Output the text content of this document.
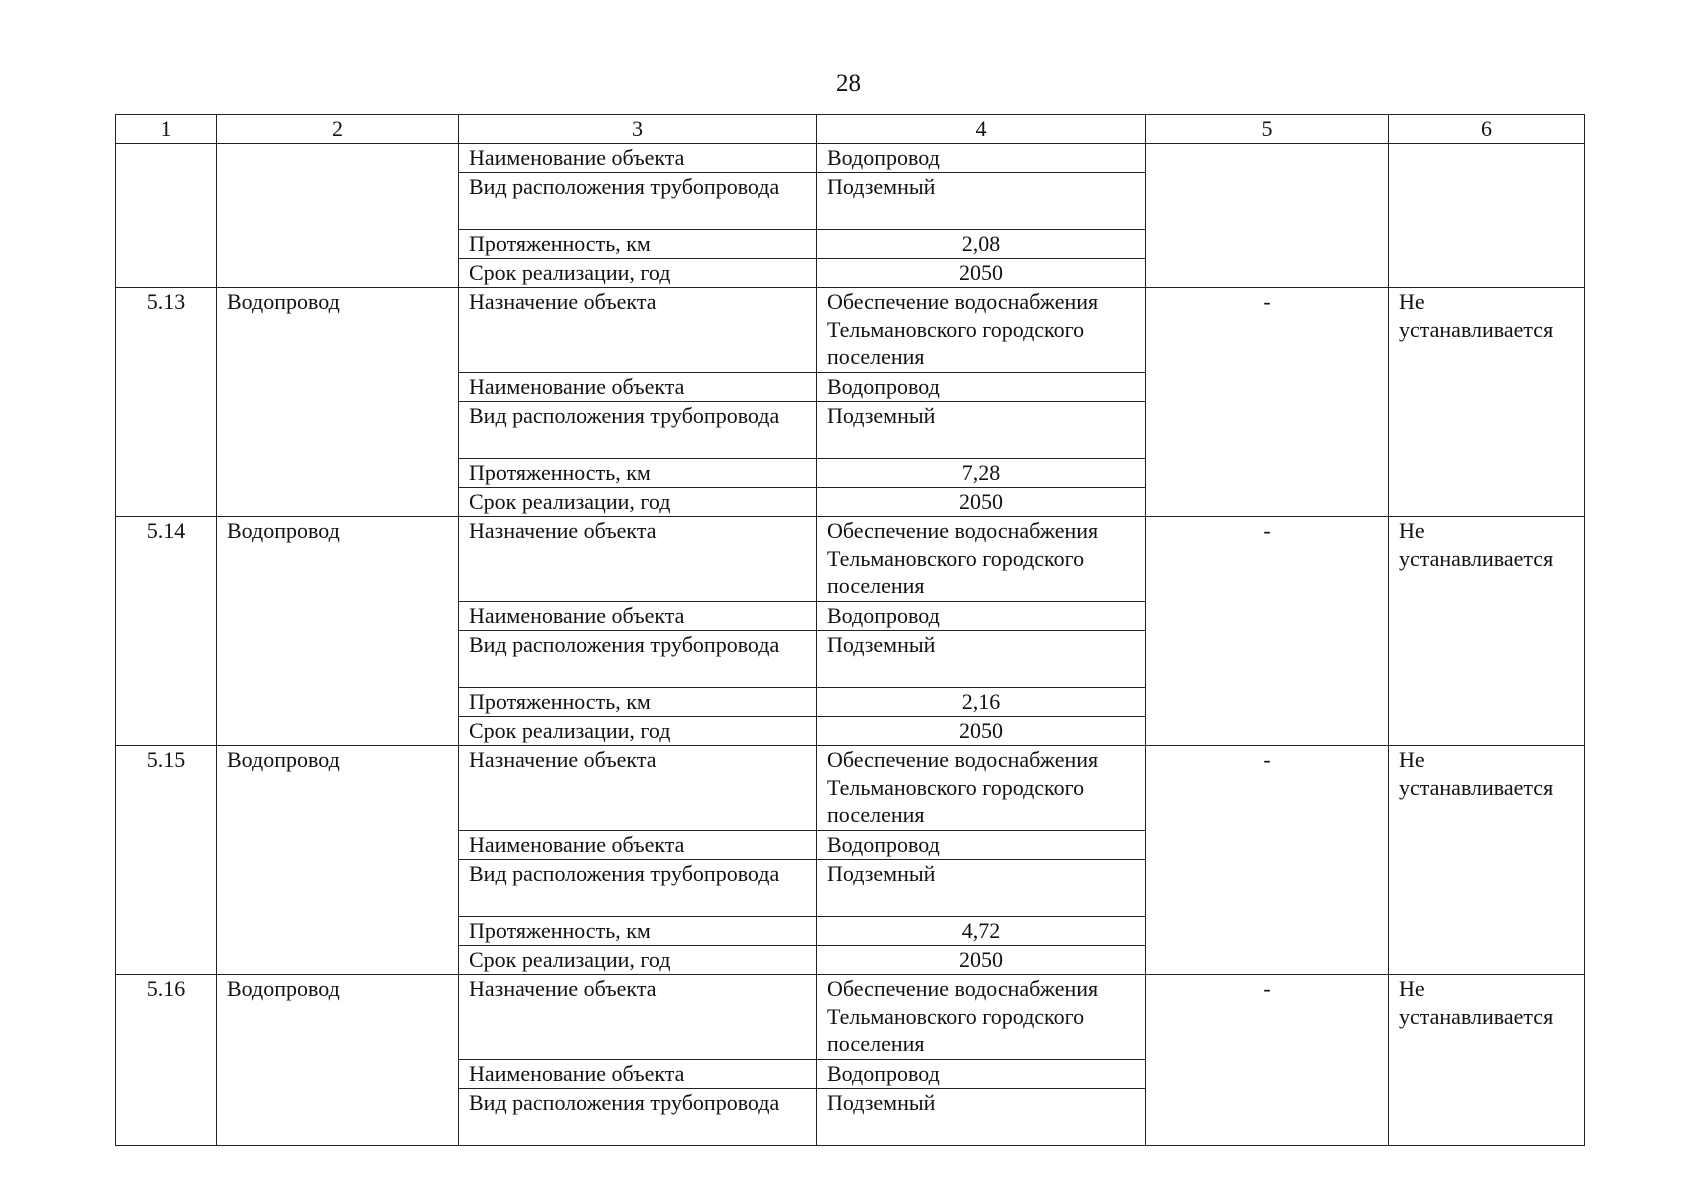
28
1	2	3	4	5	6
		Наименование объекта	Водопровод		
		Вид расположения трубопровода	Подземный		
		Протяженность, км	2,08		
		Срок реализации, год	2050		
5.13	Водопровод	Назначение объекта	Обеспечение водоснабжения Тельмановского городского поселения	-	Не устанавливается
		Наименование объекта	Водопровод		
		Вид расположения трубопровода	Подземный		
		Протяженность, км	7,28		
		Срок реализации, год	2050		
5.14	Водопровод	Назначение объекта	Обеспечение водоснабжения Тельмановского городского поселения	-	Не устанавливается
		Наименование объекта	Водопровод		
		Вид расположения трубопровода	Подземный		
		Протяженность, км	2,16		
		Срок реализации, год	2050		
5.15	Водопровод	Назначение объекта	Обеспечение водоснабжения Тельмановского городского поселения	-	Не устанавливается
		Наименование объекта	Водопровод		
		Вид расположения трубопровода	Подземный		
		Протяженность, км	4,72		
		Срок реализации, год	2050		
5.16	Водопровод	Назначение объекта	Обеспечение водоснабжения Тельмановского городского поселения	-	Не устанавливается
		Наименование объекта	Водопровод		
		Вид расположения трубопровода	Подземный		
